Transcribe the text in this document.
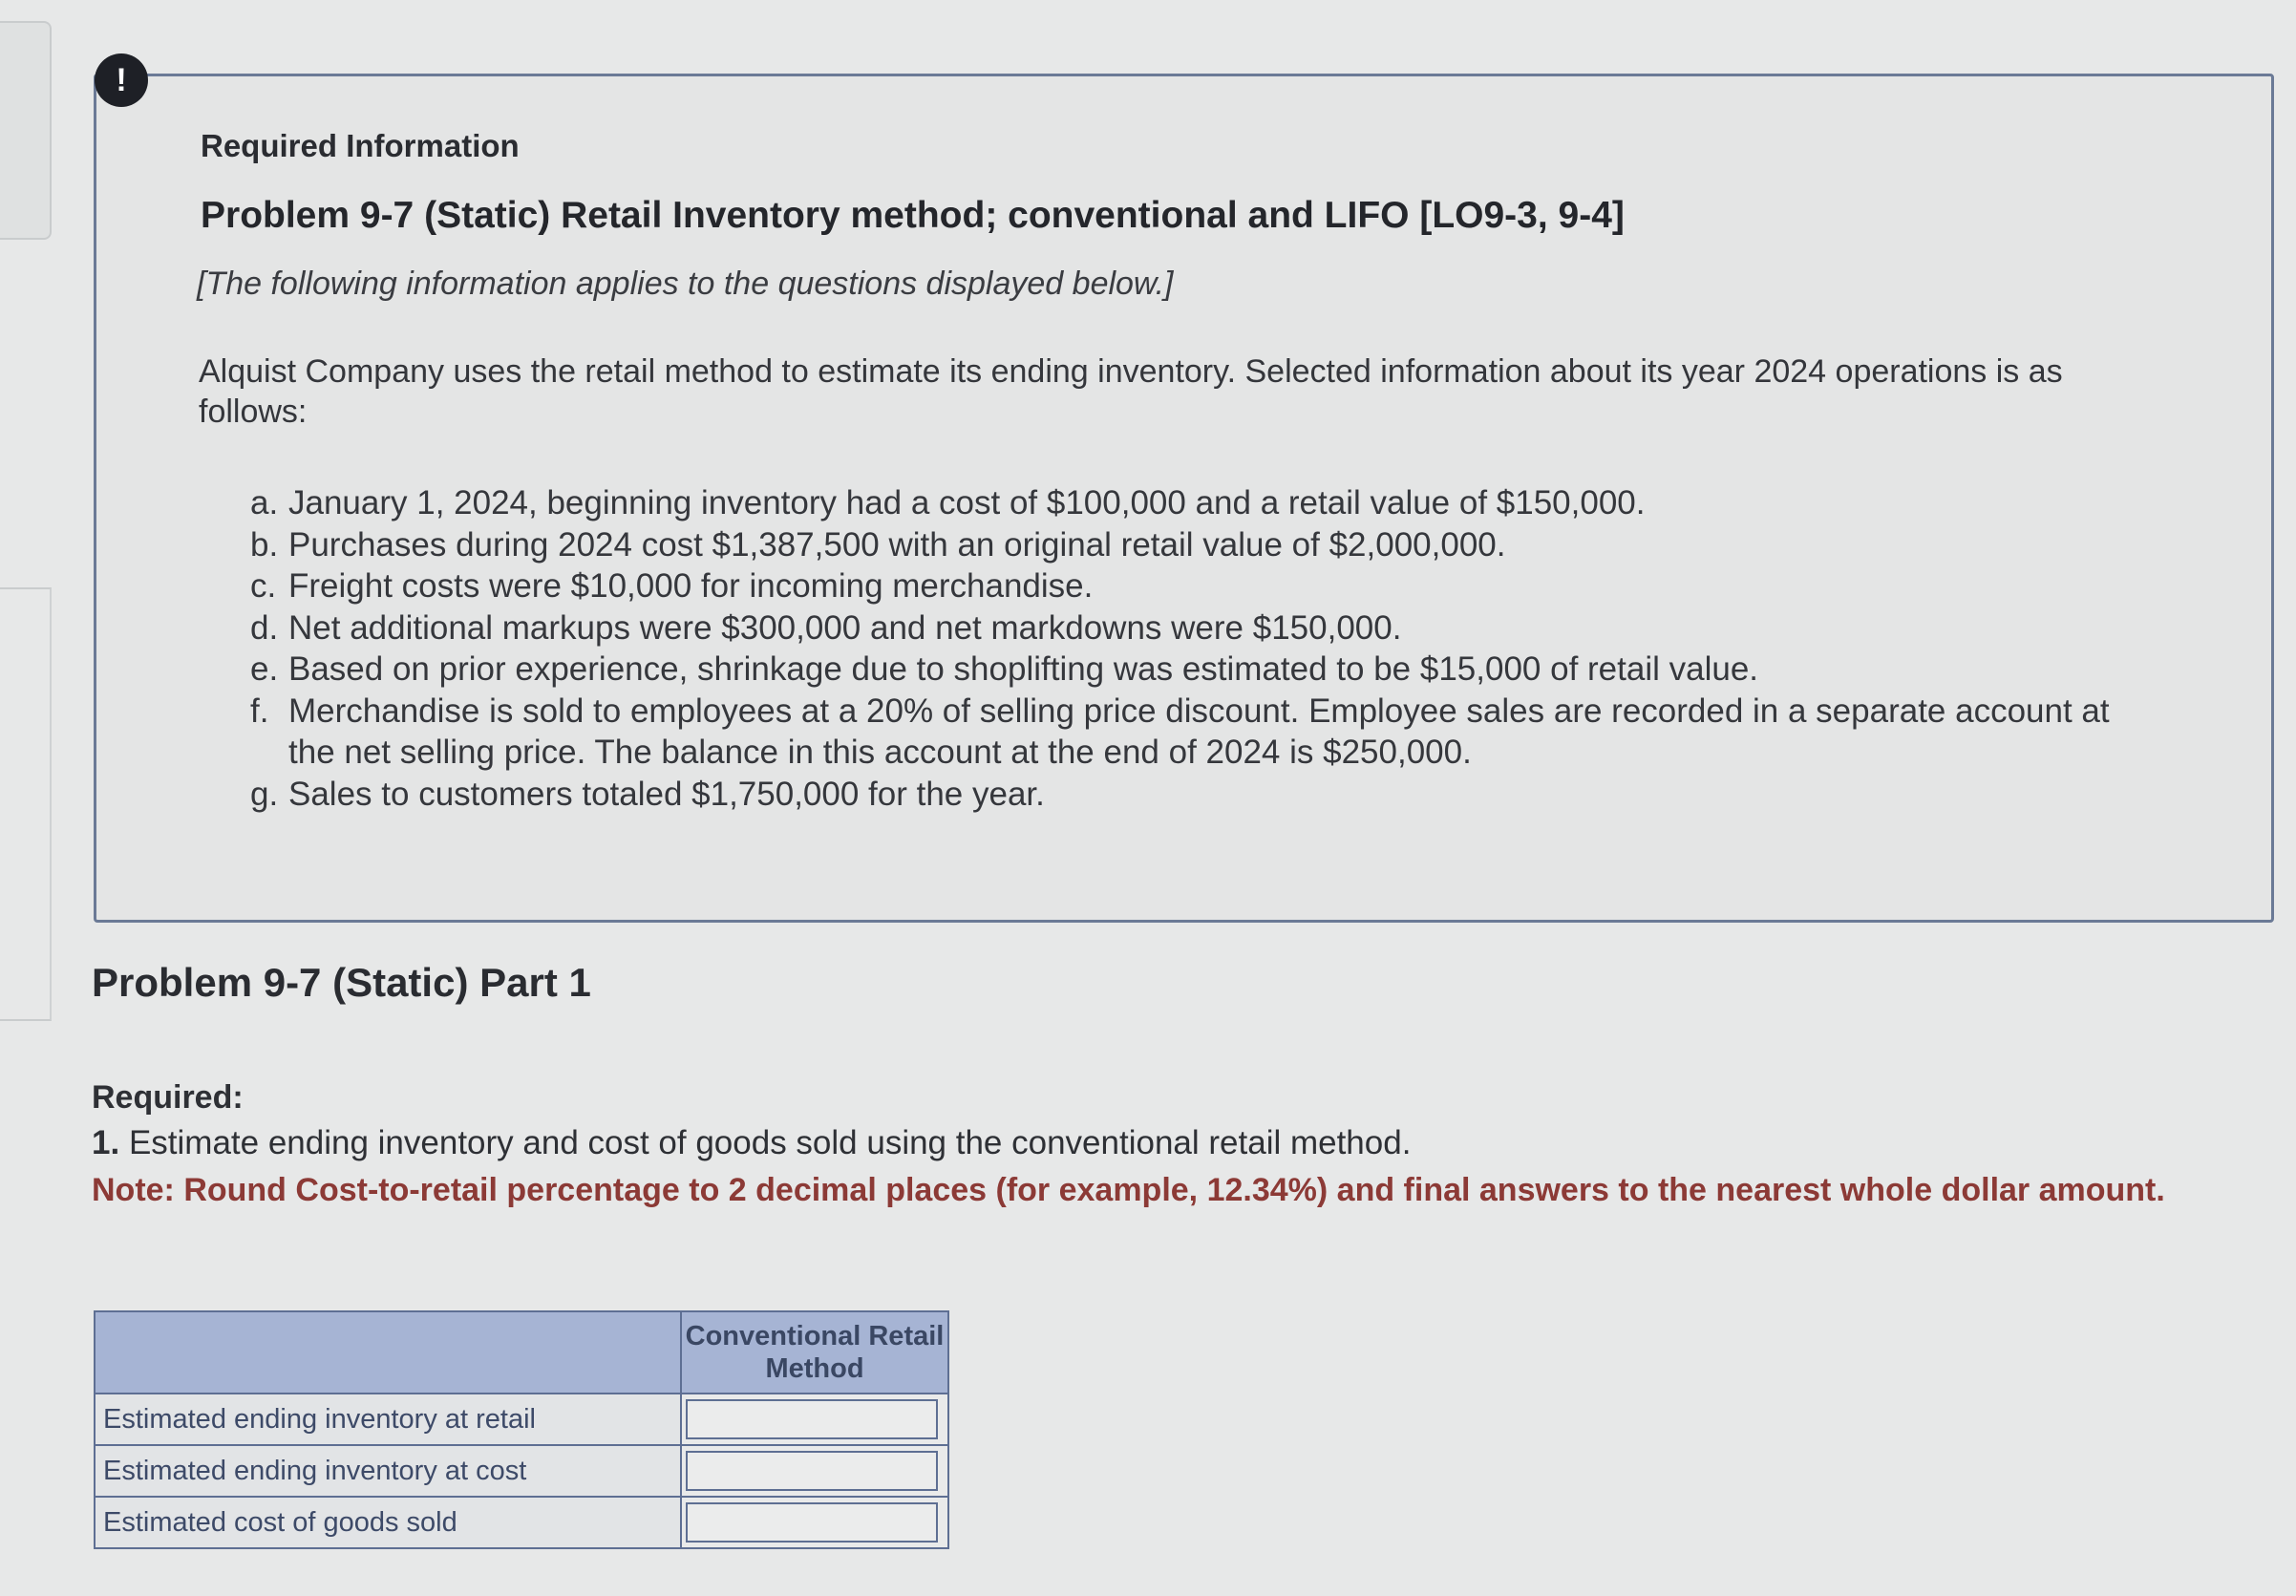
!
Required Information
Problem 9-7 (Static) Retail Inventory method; conventional and LIFO [LO9-3, 9-4]
[The following information applies to the questions displayed below.]
Alquist Company uses the retail method to estimate its ending inventory. Selected information about its year 2024 operations is as follows:
a. January 1, 2024, beginning inventory had a cost of $100,000 and a retail value of $150,000.
b. Purchases during 2024 cost $1,387,500 with an original retail value of $2,000,000.
c. Freight costs were $10,000 for incoming merchandise.
d. Net additional markups were $300,000 and net markdowns were $150,000.
e. Based on prior experience, shrinkage due to shoplifting was estimated to be $15,000 of retail value.
f. Merchandise is sold to employees at a 20% of selling price discount. Employee sales are recorded in a separate account at the net selling price. The balance in this account at the end of 2024 is $250,000.
g. Sales to customers totaled $1,750,000 for the year.
Problem 9-7 (Static) Part 1
Required:
1. Estimate ending inventory and cost of goods sold using the conventional retail method.
Note: Round Cost-to-retail percentage to 2 decimal places (for example, 12.34%) and final answers to the nearest whole dollar amount.
	Conventional Retail Method
Estimated ending inventory at retail	

Estimated ending inventory at cost	

Estimated cost of goods sold	
